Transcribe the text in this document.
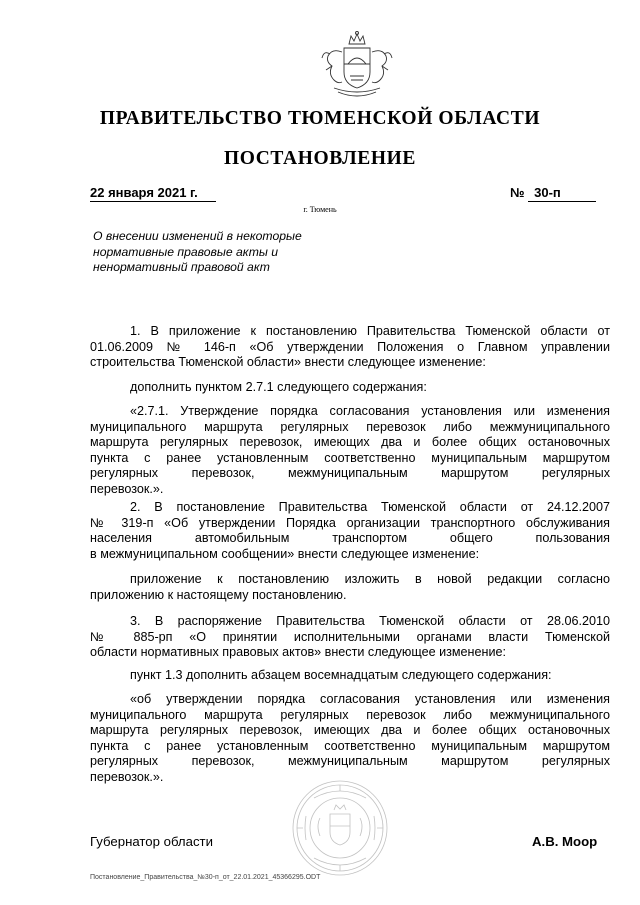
ПРАВИТЕЛЬСТВО ТЮМЕНСКОЙ ОБЛАСТИ
ПОСТАНОВЛЕНИЕ
22 января 2021 г.	№ 30-п
г. Тюмень
О внесении изменений в некоторые
нормативные правовые акты и
ненормативный правовой акт
1. В приложение к постановлению Правительства Тюменской области от
01.06.2009 № 146-п «Об утверждении Положения о Главном управлении
строительства Тюменской области» внести следующее изменение:
дополнить пунктом 2.7.1 следующего содержания:
«2.7.1. Утверждение порядка согласования установления или изменения
муниципального маршрута регулярных перевозок либо межмуниципального
маршрута регулярных перевозок, имеющих два и более общих остановочных
пункта с ранее установленным соответственно муниципальным маршрутом
регулярных перевозок, межмуниципальным маршрутом регулярных
перевозок.».
2. В постановление Правительства Тюменской области от 24.12.2007
№ 319-п «Об утверждении Порядка организации транспортного обслуживания
населения автомобильным транспортом общего пользования
в межмуниципальном сообщении» внести следующее изменение:
приложение к постановлению изложить в новой редакции согласно
приложению к настоящему постановлению.
3. В распоряжение Правительства Тюменской области от 28.06.2010
№ 885-рп «О принятии исполнительными органами власти Тюменской
области нормативных правовых актов» внести следующее изменение:
пункт 1.3 дополнить абзацем восемнадцатым следующего содержания:
«об утверждении порядка согласования установления или изменения
муниципального маршрута регулярных перевозок либо межмуниципального
маршрута регулярных перевозок, имеющих два и более общих остановочных
пункта с ранее установленным соответственно муниципальным маршрутом
регулярных перевозок, межмуниципальным маршрутом регулярных
перевозок.».
Губернатор области	А.В. Моор
Постановление_Правительства_№30-п_от_22.01.2021_45366295.ODT
